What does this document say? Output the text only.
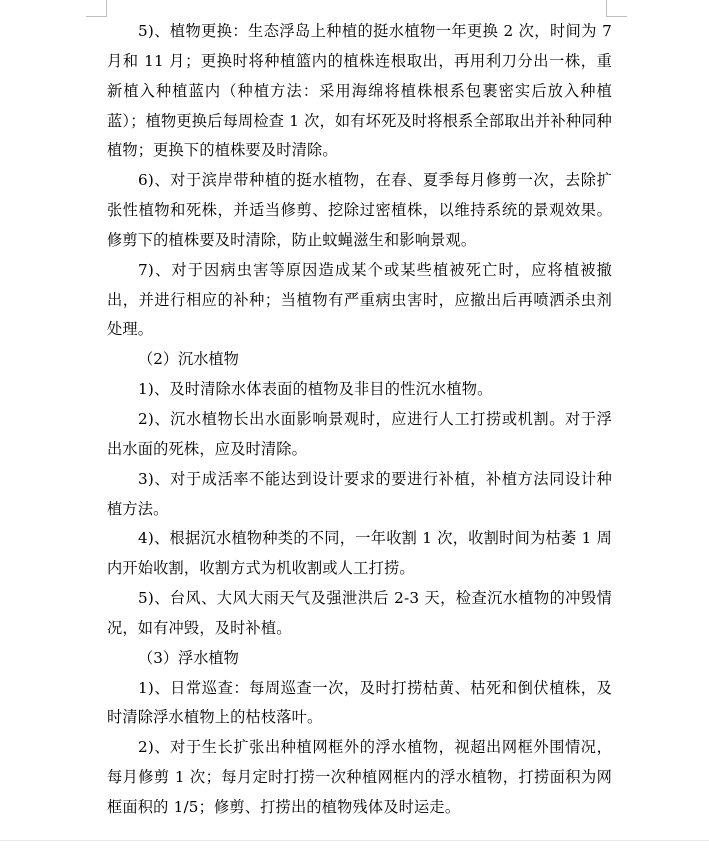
5)、植物更换：生态浮岛上种植的挺水植物一年更换 2 次，时间为 7 月和 11 月；更换时将种植篮内的植株连根取出，再用利刀分出一株，重新植入种植蓝内（种植方法：采用海绵将植株根系包裹密实后放入种植蓝）；植物更换后每周检查 1 次，如有坏死及时将根系全部取出并补种同种植物；更换下的植株要及时清除。

6)、对于滨岸带种植的挺水植物，在春、夏季每月修剪一次，去除扩张性植物和死株，并适当修剪、挖除过密植株，以维持系统的景观效果。修剪下的植株要及时清除，防止蚊蝇滋生和影响景观。

7)、对于因病虫害等原因造成某个或某些植被死亡时，应将植被撤出，并进行相应的补种；当植物有严重病虫害时，应撤出后再喷洒杀虫剂处理。

（2）沉水植物

1)、及时清除水体表面的植物及非目的性沉水植物。

2)、沉水植物长出水面影响景观时，应进行人工打捞或机割。对于浮出水面的死株，应及时清除。

3)、对于成活率不能达到设计要求的要进行补植，补植方法同设计种植方法。

4)、根据沉水植物种类的不同，一年收割 1 次，收割时间为枯萎 1 周内开始收割，收割方式为机收割或人工打捞。

5)、台风、大风大雨天气及强泄洪后 2-3 天，检查沉水植物的冲毁情况，如有冲毁，及时补植。

（3）浮水植物

1)、日常巡查：每周巡查一次，及时打捞枯黄、枯死和倒伏植株，及时清除浮水植物上的枯枝落叶。

2)、对于生长扩张出种植网框外的浮水植物，视超出网框外围情况，每月修剪 1 次；每月定时打捞一次种植网框内的浮水植物，打捞面积为网框面积的 1/5；修剪、打捞出的植物残体及时运走。
